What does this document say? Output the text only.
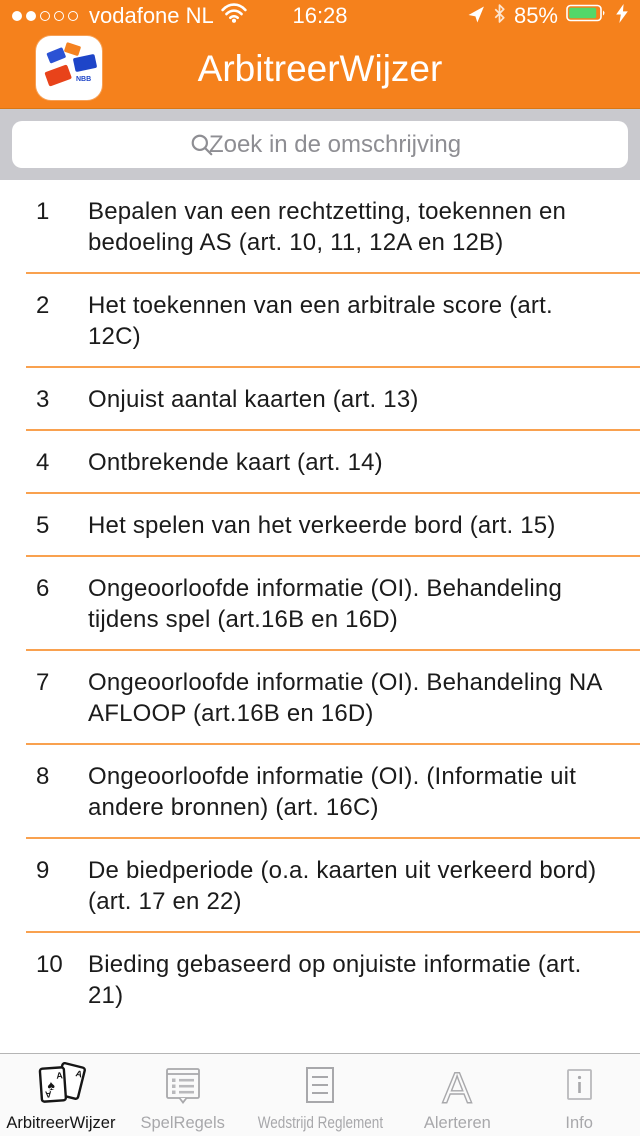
16:28
vodafone NL	85%
NBB	ArbitreerWijzer
Zoek in de omschrijving
1	Bepalen van een rechtzetting, toekennen en bedoeling AS (art. 10, 11, 12A en 12B)
2	Het toekennen van een arbitrale score (art. 12C)
3	Onjuist aantal kaarten (art. 13)
4	Ontbrekende kaart (art. 14)
5	Het spelen van het verkeerde bord (art. 15)
6	Ongeoorloofde informatie (OI). Behandeling tijdens spel (art.16B en 16D)
7	Ongeoorloofde informatie (OI). Behandeling NA AFLOOP (art.16B en 16D)
8	Ongeoorloofde informatie (OI). (Informatie uit andere bronnen) (art. 16C)
9	De biedperiode (o.a. kaarten uit verkeerd bord) (art. 17 en 22)
10	Bieding gebaseerd op onjuiste informatie (art. 21)
A
A
♠
A
ArbitreerWijzer SpelRegels Wedstrijd Reglement
A
Alerteren	Info
